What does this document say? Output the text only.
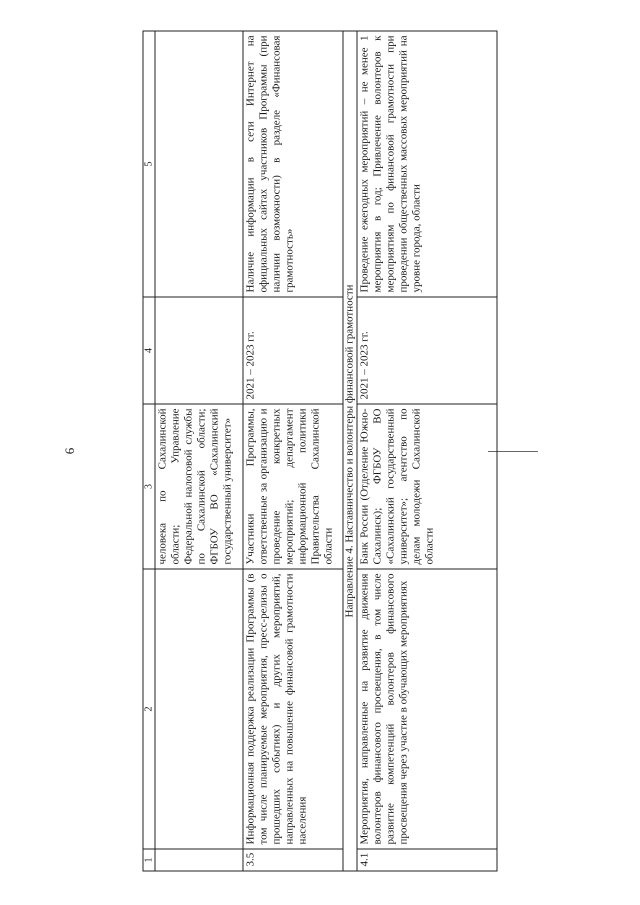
6
1	2	3	4	5
		человека по Сахалинской области; Управление Федеральной налоговой службы по Сахалинской области; ФГБОУ ВО «Сахалинский государственный университет»		
3.5	Информационная поддержка реализации Программы (в том числе планируемые мероприятия, пресс-релизы о прошедших событиях) и других мероприятий, направленных на повышение финансовой грамотности населения	Участники Программы, ответственные за организацию и проведение конкретных мероприятий; департамент информационной политики Правительства Сахалинской области	2021 – 2023 гг.	Наличие информации в сети Интернет на официальных сайтах участников Программы (при наличии возможности) в разделе «Финансовая грамотность»
Направление 4. Наставничество и волонтеры финансовой грамотности				
4.1	Мероприятия, направленные на развитие движения волонтеров финансового просвещения, в том числе развитие компетенций волонтеров финансового просвещения через участие в обучающих мероприятиях	Банк России (Отделение Южно-Сахалинск); ФГБОУ ВО «Сахалинский государственный университет»; агентство по делам молодежи Сахалинской области	2021 – 2023 гг.	Проведение ежегодных мероприятий – не менее 1 мероприятия в год; Привлечение волонтеров к мероприятиям по финансовой грамотности при проведении общественных массовых мероприятий на уровне города, области
